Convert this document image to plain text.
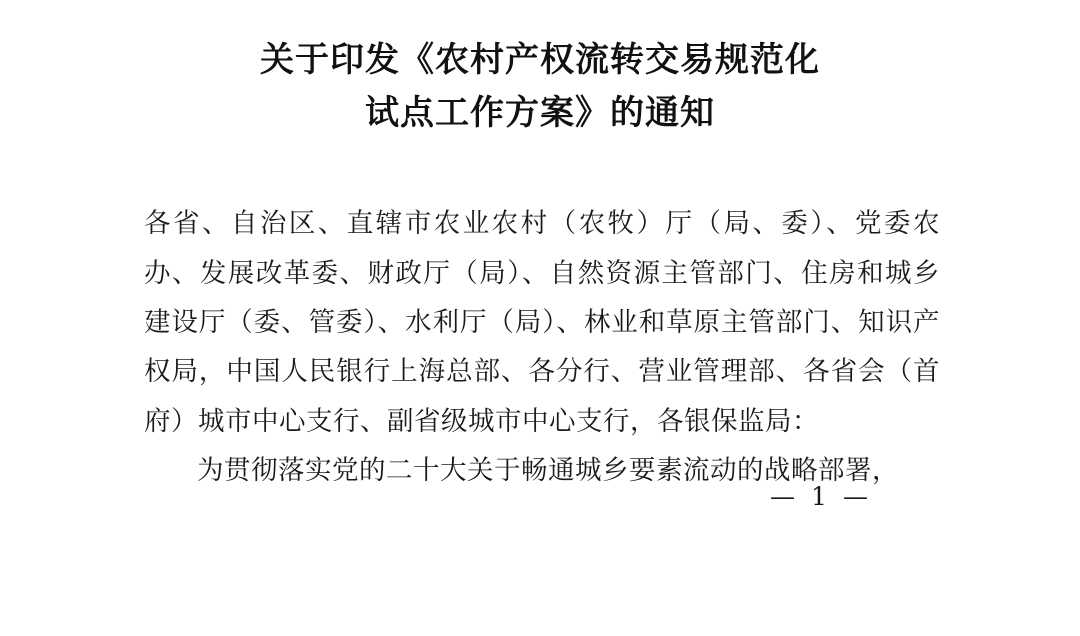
关于印发《农村产权流转交易规范化
试点工作方案》的通知

各省、自治区、直辖市农业农村（农牧）厅（局、委）、党委农办、发展改革委、财政厅（局）、自然资源主管部门、住房和城乡建设厅（委、管委）、水利厅（局）、林业和草原主管部门、知识产权局，中国人民银行上海总部、各分行、营业管理部、各省会（首府）城市中心支行、副省级城市中心支行，各银保监局：

为贯彻落实党的二十大关于畅通城乡要素流动的战略部署，

— 1 —
